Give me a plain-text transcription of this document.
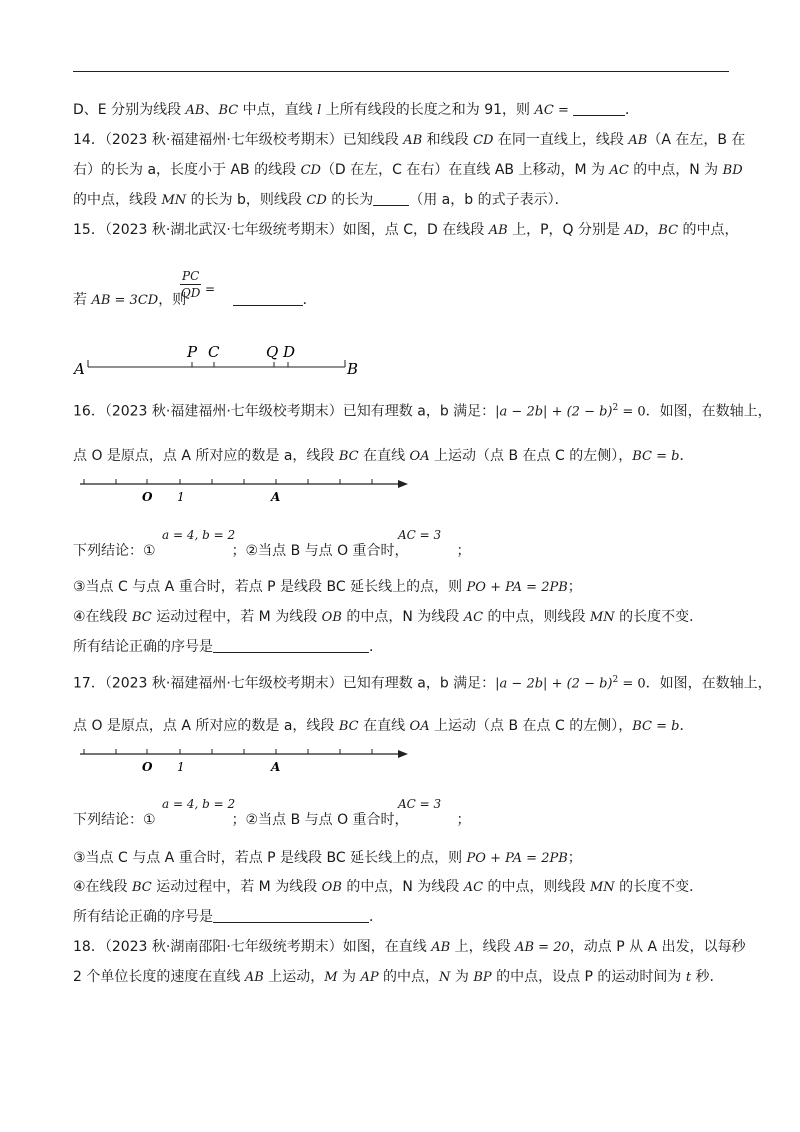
D、E 分别为线段 AB、BC 中点，直线 l 上所有线段的长度之和为 91，则 AC =	．
14．（2023 秋·福建福州·七年级校考期末）已知线段 AB 和线段 CD 在同一直线上，线段 AB（A 在左，B 在
右）的长为 a，长度小于 AB 的线段 CD（D 在左，C 在右）在直线 AB 上移动，M 为 AC 的中点，N 为 BD
的中点，线段 MN 的长为 b，则线段 CD 的长为	（用 a，b 的式子表示）．
15．（2023 秋·湖北武汉·七年级统考期末）如图，点 C，D 在线段 AB 上，P，Q 分别是 AD，BC 的中点，
若 AB = 3CD，则	．
$\frac{PC}{QD}$ =
A	B
P C	Q D
16．（2023 秋·福建福州·七年级校考期末）已知有理数 a，b 满足：$|a - 2b| + (2 - b)^2 = 0$．如图，在数轴上，
点 O 是原点，点 A 所对应的数是 a，线段 BC 在直线 OA 上运动（点 B 在点 C 的左侧），BC = b．
O 1	A
a = 4, b = 2	AC = 3
下列结论：①	；②当点 B 与点 O 重合时，	；
③当点 C 与点 A 重合时，若点 P 是线段 BC 延长线上的点，则 PO + PA = 2PB；
④在线段 BC 运动过程中，若 M 为线段 OB 的中点，N 为线段 AC 的中点，则线段 MN 的长度不变．
所有结论正确的序号是	．
17．（2023 秋·福建福州·七年级校考期末）已知有理数 a，b 满足：$|a - 2b| + (2 - b)^2 = 0$．如图，在数轴上，
点 O 是原点，点 A 所对应的数是 a，线段 BC 在直线 OA 上运动（点 B 在点 C 的左侧），BC = b．
O 1	A
a = 4, b = 2	AC = 3
下列结论：①	；②当点 B 与点 O 重合时，	；
③当点 C 与点 A 重合时，若点 P 是线段 BC 延长线上的点，则 PO + PA = 2PB；
④在线段 BC 运动过程中，若 M 为线段 OB 的中点，N 为线段 AC 的中点，则线段 MN 的长度不变．
所有结论正确的序号是	．
18．（2023 秋·湖南邵阳·七年级统考期末）如图，在直线 AB 上，线段 AB = 20，动点 P 从 A 出发，以每秒
2 个单位长度的速度在直线 AB 上运动，M 为 AP 的中点，N 为 BP 的中点，设点 P 的运动时间为 t 秒．
